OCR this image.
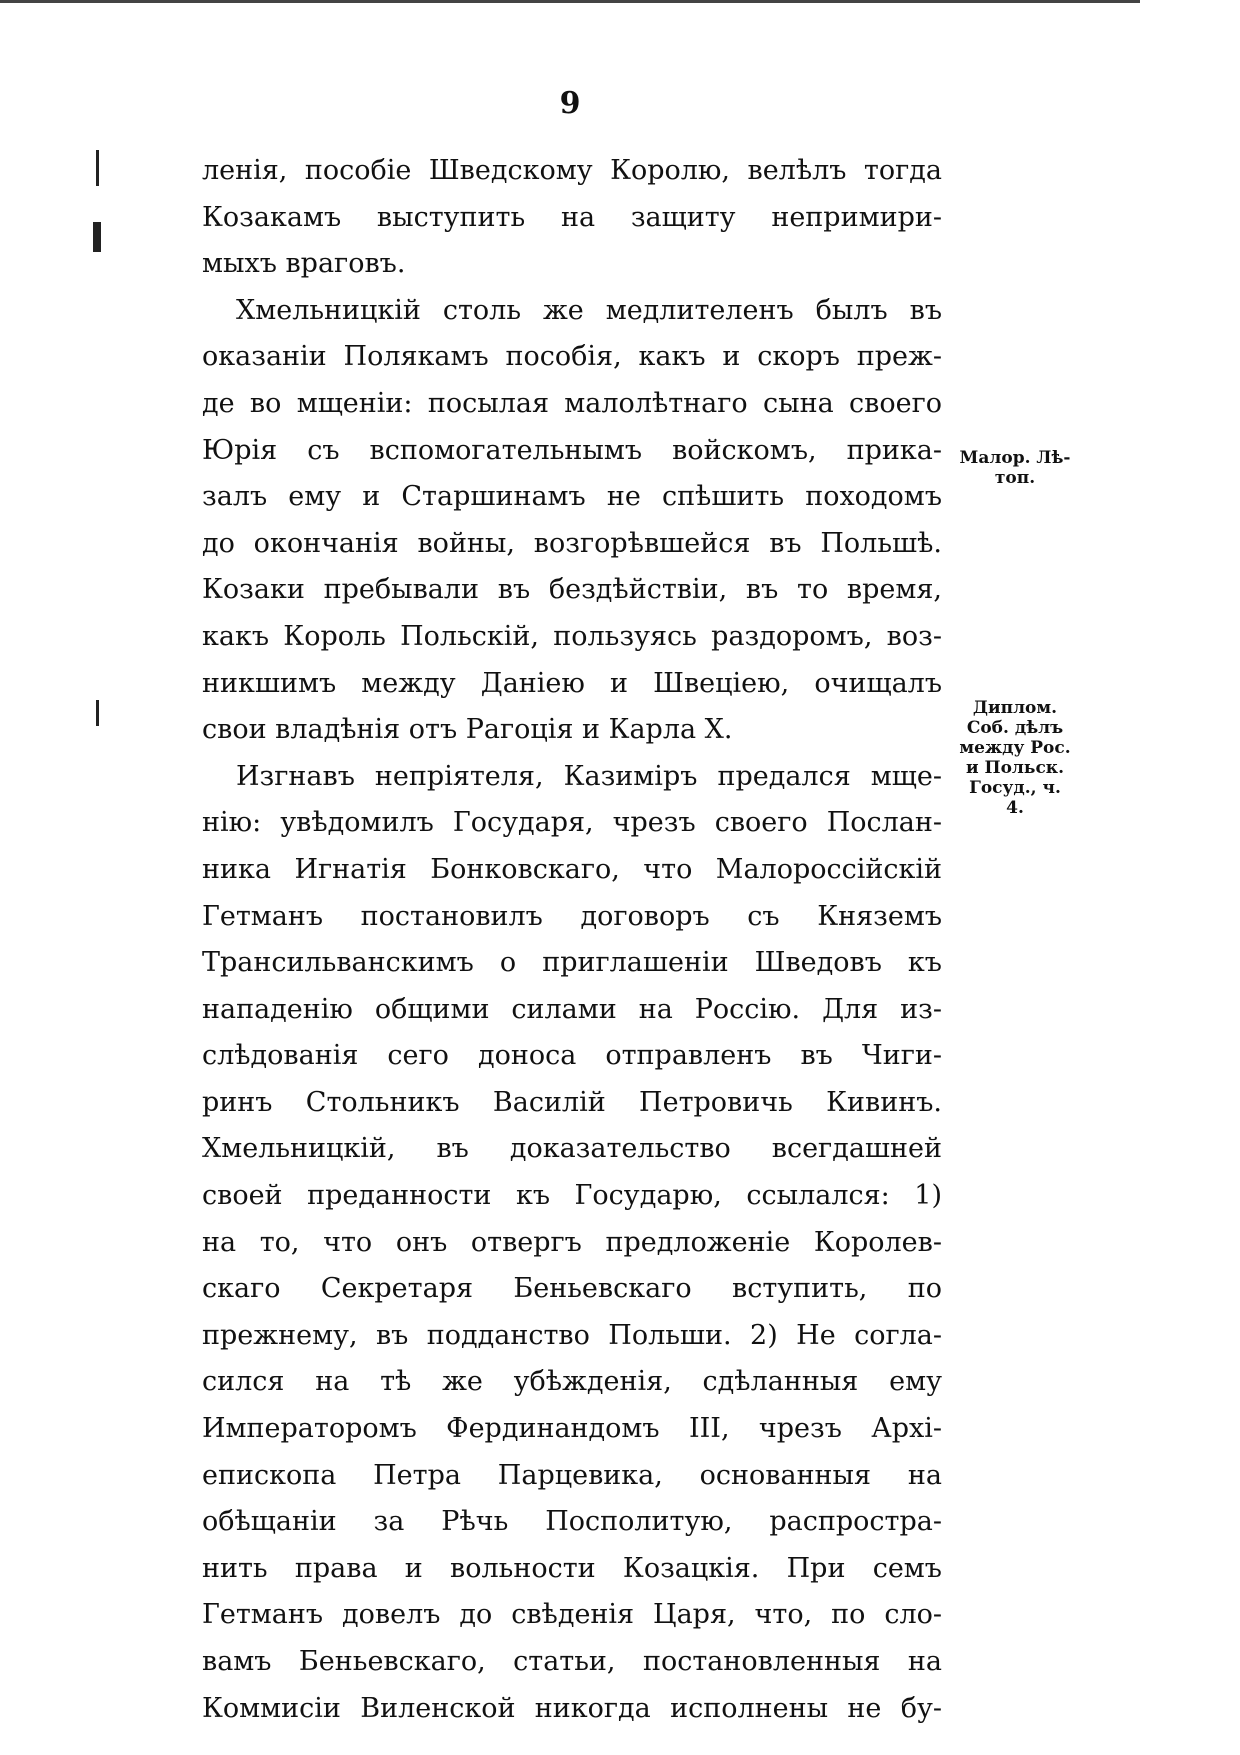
9
ленія, пособіе Шведскому Королю, велѣлъ тогда
Козакамъ выступить на защиту непримири-
мыхъ враговъ.
Хмельницкій столь же медлителенъ былъ въ
оказаніи Полякамъ пособія, какъ и скоръ преж-
де во мщеніи: посылая малолѣтнаго сына своего
Юрія съ вспомогательнымъ войскомъ, прика-
залъ ему и Старшинамъ не спѣшить походомъ
до окончанія войны, возгорѣвшейся въ Польшѣ.
Козаки пребывали въ бездѣйствіи, въ то время,
какъ Король Польскій, пользуясь раздоромъ, воз-
никшимъ между Даніею и Швеціею, очищалъ
свои владѣнія отъ Рагоція и Карла X.
Изгнавъ непріятеля, Казиміръ предался мще-
нію: увѣдомилъ Государя, чрезъ своего Послан-
ника Игнатія Бонковскаго, что Малороссійскій
Гетманъ постановилъ договоръ съ Княземъ
Трансильванскимъ о приглашеніи Шведовъ къ
нападенію общими силами на Россію. Для из-
слѣдованія сего доноса отправленъ въ Чиги-
ринъ Стольникъ Василій Петровичь Кивинъ.
Хмельницкій, въ доказательство всегдашней
своей преданности къ Государю, ссылался: 1)
на то, что онъ отвергъ предложеніе Королев-
скаго Секретаря Беньевскаго вступить, по
прежнему, въ подданство Польши. 2) Не согла-
сился на тѣ же убѣжденія, сдѣланныя ему
Императоромъ Фердинандомъ III, чрезъ Архі-
епископа Петра Парцевика, основанныя на
обѣщаніи за Рѣчь Посполитую, распростра-
нить права и вольности Козацкія. При семъ
Гетманъ довелъ до свѣденія Царя, что, по сло-
вамъ Беньевскаго, статьи, постановленныя на
Коммисіи Виленской никогда исполнены не бу-
Малор. Лѣ-
топ.
Диплом.
Соб. дѣлъ
между Рос.
и Польск.
Госуд., ч.
4.
